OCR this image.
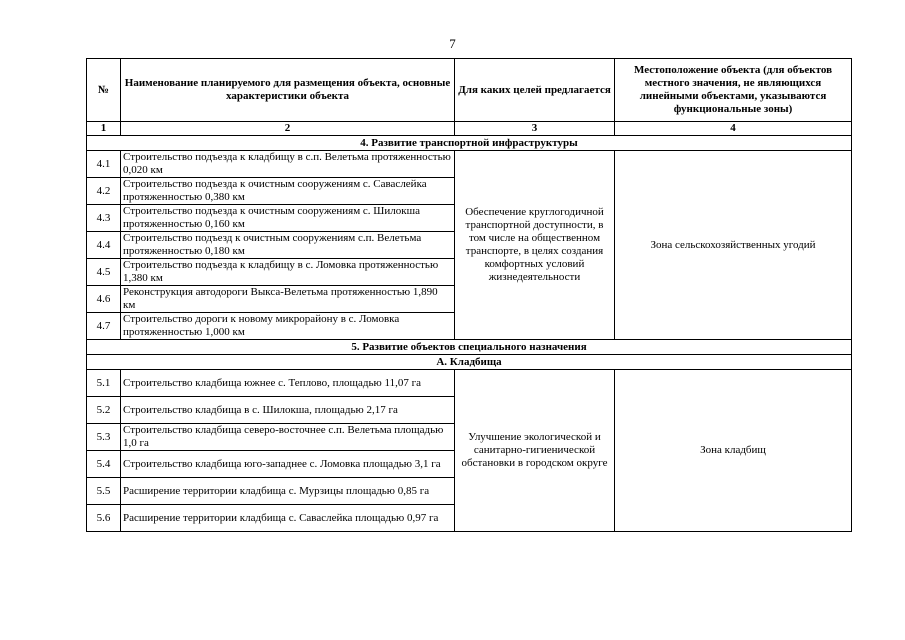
7
№	Наименование планируемого для размещения объекта, основные характеристики объекта	Для каких целей предлагается	Местоположение объекта (для объектов местного значения, не являющихся линейными объектами, указываются функциональные зоны)
1	2	3	4
4. Развитие транспортной инфраструктуры			
4.1	Строительство подъезда к кладбищу в с.п. Велетьма протяженностью 0,020 км	Обеспечение круглогодичной транспортной доступности, в том числе на общественном транспорте, в целях создания комфортных условий жизнедеятельности	Зона сельскохозяйственных угодий
4.2	Строительство подъезда к очистным сооружениям с. Саваслейка протяженностью 0,380 км		
4.3	Строительство подъезда к очистным сооружениям с. Шилокша протяженностью 0,160 км		
4.4	Строительство подъезд к очистным сооружениям с.п. Велетьма протяженностью 0,180 км		
4.5	Строительство подъезда к кладбищу в с. Ломовка протяженностью 1,380 км		
4.6	Реконструкция автодороги Выкса-Велетьма протяженностью 1,890 км		
4.7	Строительство дороги к новому микрорайону в с. Ломовка протяженностью 1,000 км		
5. Развитие объектов специального назначения			
А. Кладбища			
5.1	Строительство кладбища южнее с. Теплово, площадью 11,07 га	Улучшение экологической и санитарно-гигиенической обстановки в городском округе	Зона кладбищ
5.2	Строительство кладбища в с. Шилокша, площадью 2,17 га		
5.3	Строительство кладбища северо-восточнее с.п. Велетьма площадью 1,0 га		
5.4	Строительство кладбища юго-западнее с. Ломовка площадью 3,1 га		
5.5	Расширение территории кладбища с. Мурзицы площадью 0,85 га		
5.6	Расширение территории кладбища с. Саваслейка площадью 0,97 га		
